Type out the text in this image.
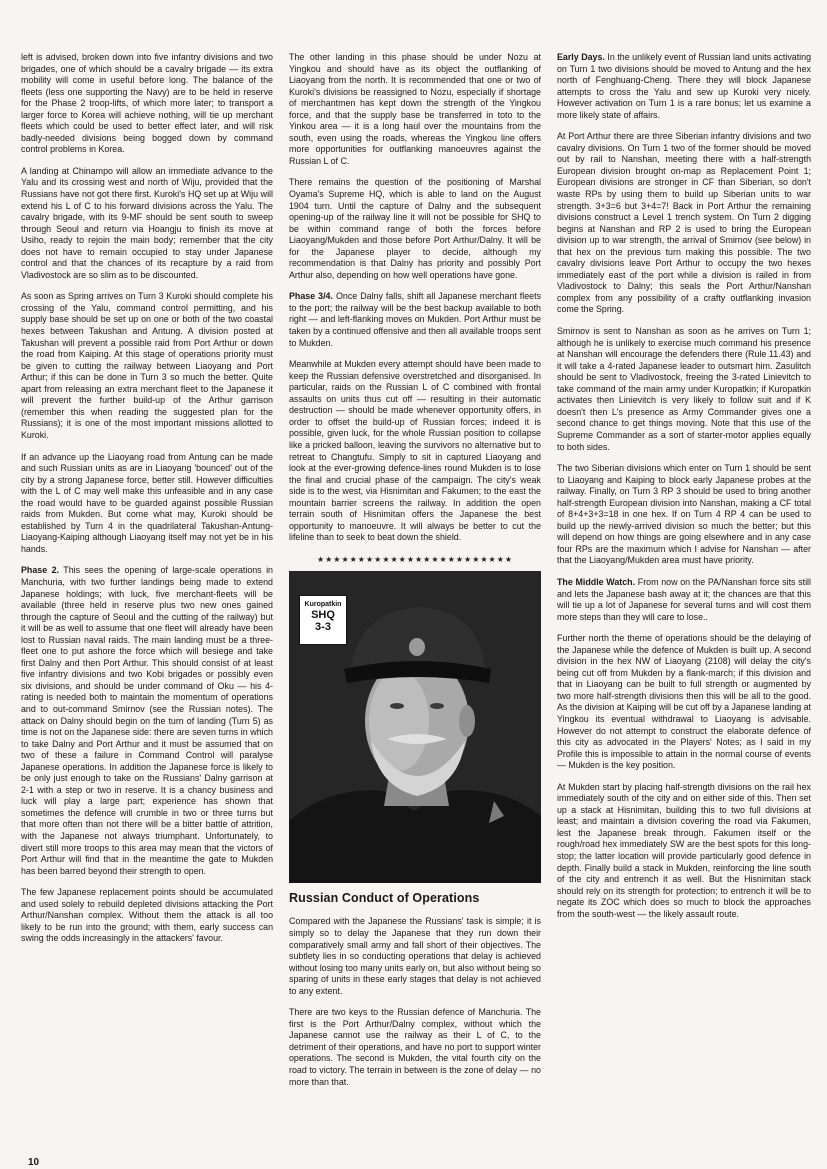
left is advised, broken down into five infantry divisions and two brigades, one of which should be a cavalry brigade — its extra mobility will come in useful before long. The balance of the fleets (less one supporting the Navy) are to be held in reserve for the Phase 2 troop-lifts, of which more later; to transport a larger force to Korea will achieve nothing, will tie up merchant fleets which could be used to better effect later, and will risk badly-needed divisions being bogged down by command control problems in Korea.

A landing at Chinampo will allow an immediate advance to the Yalu and its crossing west and north of Wiju, provided that the Russians have not got there first. Kuroki's HQ set up at Wiju will extend his L of C to his forward divisions across the Yalu. The cavalry brigade, with its 9-MF should be sent south to sweep through Seoul and return via Hoangju to finish its move at Usiho, ready to rejoin the main body; remember that the city does not have to remain occupied to stay under Japanese control and that the chances of its recapture by a raid from Vladivostock are so slim as to be discounted.

As soon as Spring arrives on Turn 3 Kuroki should complete his crossing of the Yalu, command control permitting, and his supply base should be set up on one or both of the two coastal hexes between Takushan and Antung. A division posted at Takushan will prevent a possible raid from Port Arthur or down the road from Kaiping. At this stage of operations priority must be given to cutting the railway between Liaoyang and Port Arthur; if this can be done in Turn 3 so much the better. Quite apart from releasing an extra merchant fleet to the Japanese it will prevent the further build-up of the Arthur garrison (remember this when reading the suggested plan for the Russians); it is one of the most important missions allotted to Kuroki.

If an advance up the Liaoyang road from Antung can be made and such Russian units as are in Liaoyang 'bounced' out of the city by a strong Japanese force, better still. However difficulties with the L of C may well make this unfeasible and in any case the road would have to be guarded against possible Russian raids from Mukden. But come what may, Kuroki should be established by Turn 4 in the quadrilateral Takushan-Antung-Liaoyang-Kaiping although Liaoyang itself may not yet be in his hands.

Phase 2. This sees the opening of large-scale operations in Manchuria, with two further landings being made to extend Japanese holdings; with luck, five merchant-fleets will be available (three held in reserve plus two new ones gained through the capture of Seoul and the cutting of the railway) but it will be as well to assume that one fleet will already have been lost to Russian naval raids. The main landing must be a three-fleet one to put ashore the force which will besiege and take first Dalny and then Port Arthur. This should consist of at least five infantry divisions and two Kobi brigades or possibly even six divisions, and should be under command of Oku — his 4-rating is needed both to maintain the momentum of operations and to out-command Smirnov (see the Russian notes). The attack on Dalny should begin on the turn of landing (Turn 5) as time is not on the Japanese side: there are seven turns in which to take Dalny and Port Arthur and it must be assumed that on two of these a failure in Command Control will paralyse Japanese operations. In addition the Japanese force is likely to be only just enough to take on the Russians' Dalny garrison at 2-1 with a step or two in reserve. It is a chancy business and luck will play a large part; experience has shown that sometimes the defence will crumble in two or three turns but that more often than not there will be a bitter battle of attrition, with the Japanese not always triumphant. Unfortunately, to divert still more troops to this area may mean that the victors of Port Arthur will find that in the meantime the gate to Mukden has been barred beyond their strength to open.

The few Japanese replacement points should be accumulated and used solely to rebuild depleted divisions attacking the Port Arthur/Nanshan complex. Without them the attack is all too likely to be run into the ground; with them, early success can swing the odds increasingly in the attackers' favour.

The other landing in this phase should be under Nozu at Yingkou and should have as its object the outflanking of Liaoyang from the north. It is recommended that one or two of Kuroki's divisions be reassigned to Nozu, especially if shortage of merchantmen has kept down the strength of the Yingkou force, and that the supply base be transferred in toto to the Yinkou area — it is a long haul over the mountains from the south, even using the roads, whereas the Yingkou line offers more opportunities for outflanking manoeuvres against the Russian L of C.

There remains the question of the positioning of Marshal Oyama's Supreme HQ, which is able to land on the August 1904 turn. Until the capture of Dalny and the subsequent opening-up of the railway line it will not be possible for SHQ to be within command range of both the forces before Liaoyang/Mukden and those before Port Arthur/Dalny. It will be for the Japanese player to decide, although my recommendation is that Dalny has priority and possibly Port Arthur also, depending on how well operations have gone.

Phase 3/4. Once Dalny falls, shift all Japanese merchant fleets to the port; the railway will be the best backup available to both right — and left-flanking moves on Mukden. Port Arthur must be taken by a continued offensive and then all available troops sent to Mukden.

Meanwhile at Mukden every attempt should have been made to keep the Russian defensive overstretched and disorganised. In particular, raids on the Russian L of C combined with frontal assaults on units thus cut off — resulting in their automatic destruction — should be made whenever opportunity offers, in order to offset the build-up of Russian forces; indeed it is possible, given luck, for the whole Russian position to collapse like a pricked balloon, leaving the survivors no alternative but to retreat to Changtufu. Simply to sit in captured Liaoyang and look at the ever-growing defence-lines round Mukden is to lose the final and crucial phase of the campaign. The city's weak side is to the west, via Hisnimitan and Fakumen; to the east the mountain barrier screens the railway. In addition the open terrain south of Hisnimitan offers the Japanese the best opportunity to manoeuvre. It will always be better to cut the lifeline than to seek to beat down the shield.

★★★★★★★★★★★★★★★★★★★★★★★★
Kuropatkin
SHQ
3-3
Russian Conduct of Operations

Compared with the Japanese the Russians' task is simple; it is simply so to delay the Japanese that they run down their comparatively small army and fall short of their objectives. The subtlety lies in so conducting operations that delay is achieved without losing too many units early on, but also without being so sparing of units in these early stages that delay is not achieved to any extent.

There are two keys to the Russian defence of Manchuria. The first is the Port Arthur/Dalny complex, without which the Japanese cannot use the railway as their L of C, to the detriment of their operations, and have no port to support winter operations. The second is Mukden, the vital fourth city on the road to victory. The terrain in between is the zone of delay — no more than that.

Early Days. In the unlikely event of Russian land units activating on Turn 1 two divisions should be moved to Antung and the hex north of Fenghuang-Cheng. There they will block Japanese attempts to cross the Yalu and sew up Kuroki very nicely. However activation on Turn 1 is a rare bonus; let us examine a more likely state of affairs.

At Port Arthur there are three Siberian infantry divisions and two cavalry divisions. On Turn 1 two of the former should be moved out by rail to Nanshan, meeting there with a half-strength European division brought on-map as Replacement Point 1; European divisions are stronger in CF than Siberian, so don't waste RPs by using them to build up Siberian units to war strength. 3+3=6 but 3+4=7! Back in Port Arthur the remaining divisions construct a Level 1 trench system. On Turn 2 digging begins at Nanshan and RP 2 is used to bring the European division up to war strength, the arrival of Smirnov (see below) in that hex on the previous turn making this possible. The two cavalry divisions leave Port Arthur to occupy the two hexes immediately east of the port while a division is railed in from Vladivostock to Dalny; this seals the Port Arthur/Nanshan complex from any possibility of a crafty outflanking invasion come the Spring.

Smirnov is sent to Nanshan as soon as he arrives on Turn 1; although he is unlikely to exercise much command his presence at Nanshan will encourage the defenders there (Rule 11.43) and it will take a 4-rated Japanese leader to outsmart him. Zasulitch should be sent to Vladivostock, freeing the 3-rated Linievitch to take command of the main army under Kuropatkin; if Kuropatkin activates then Linievitch is very likely to follow suit and if K doesn't then L's presence as Army Commander gives one a second chance to get things moving. Note that this use of the Supreme Commander as a sort of starter-motor applies equally to both sides.

The two Siberian divisions which enter on Turn 1 should be sent to Liaoyang and Kaiping to block early Japanese probes at the railway. Finally, on Turn 3 RP 3 should be used to bring another half-strength European division into Nanshan, making a CF total of 8+4+3+3=18 in one hex. If on Turn 4 RP 4 can be used to build up the newly-arrived division so much the better; but this will depend on how things are going elsewhere and in any case four RPs are the maximum which I advise for Nanshan — after that the Liaoyang/Mukden area must have priority.

The Middle Watch. From now on the PA/Nanshan force sits still and lets the Japanese bash away at it; the chances are that this will tie up a lot of Japanese for several turns and will cost them more steps than they will care to lose..

Further north the theme of operations should be the delaying of the Japanese while the defence of Mukden is built up. A second division in the hex NW of Liaoyang (2108) will delay the city's being cut off from Mukden by a flank-march; if this division and that in Liaoyang can be built to full strength or augmented by two more half-strength divisions then this will be all to the good. As the division at Kaiping will be cut off by a Japanese landing at Yingkou its eventual withdrawal to Liaoyang is advisable. However do not attempt to construct the elaborate defence of this city as advocated in the Players' Notes; as I said in my Profile this is impossible to attain in the normal course of events — Mukden is the key position.

At Mukden start by placing half-strength divisions on the rail hex immediately south of the city and on either side of this. Then set up a stack at Hisnimitan, building this to two full divisions at least; and maintain a division covering the road via Fakumen, lest the Japanese break through. Fakumen itself or the rough/road hex immediately SW are the best spots for this long-stop; the latter location will provide particularly good defence in depth. Finally build a stack in Mukden, reinforcing the line south of the city and entrench it as well. But the Hisnimitan stack should rely on its strength for protection; to entrench it will be to negate its ZOC which does so much to block the approaches from the south-west — the likely assault route.

10
